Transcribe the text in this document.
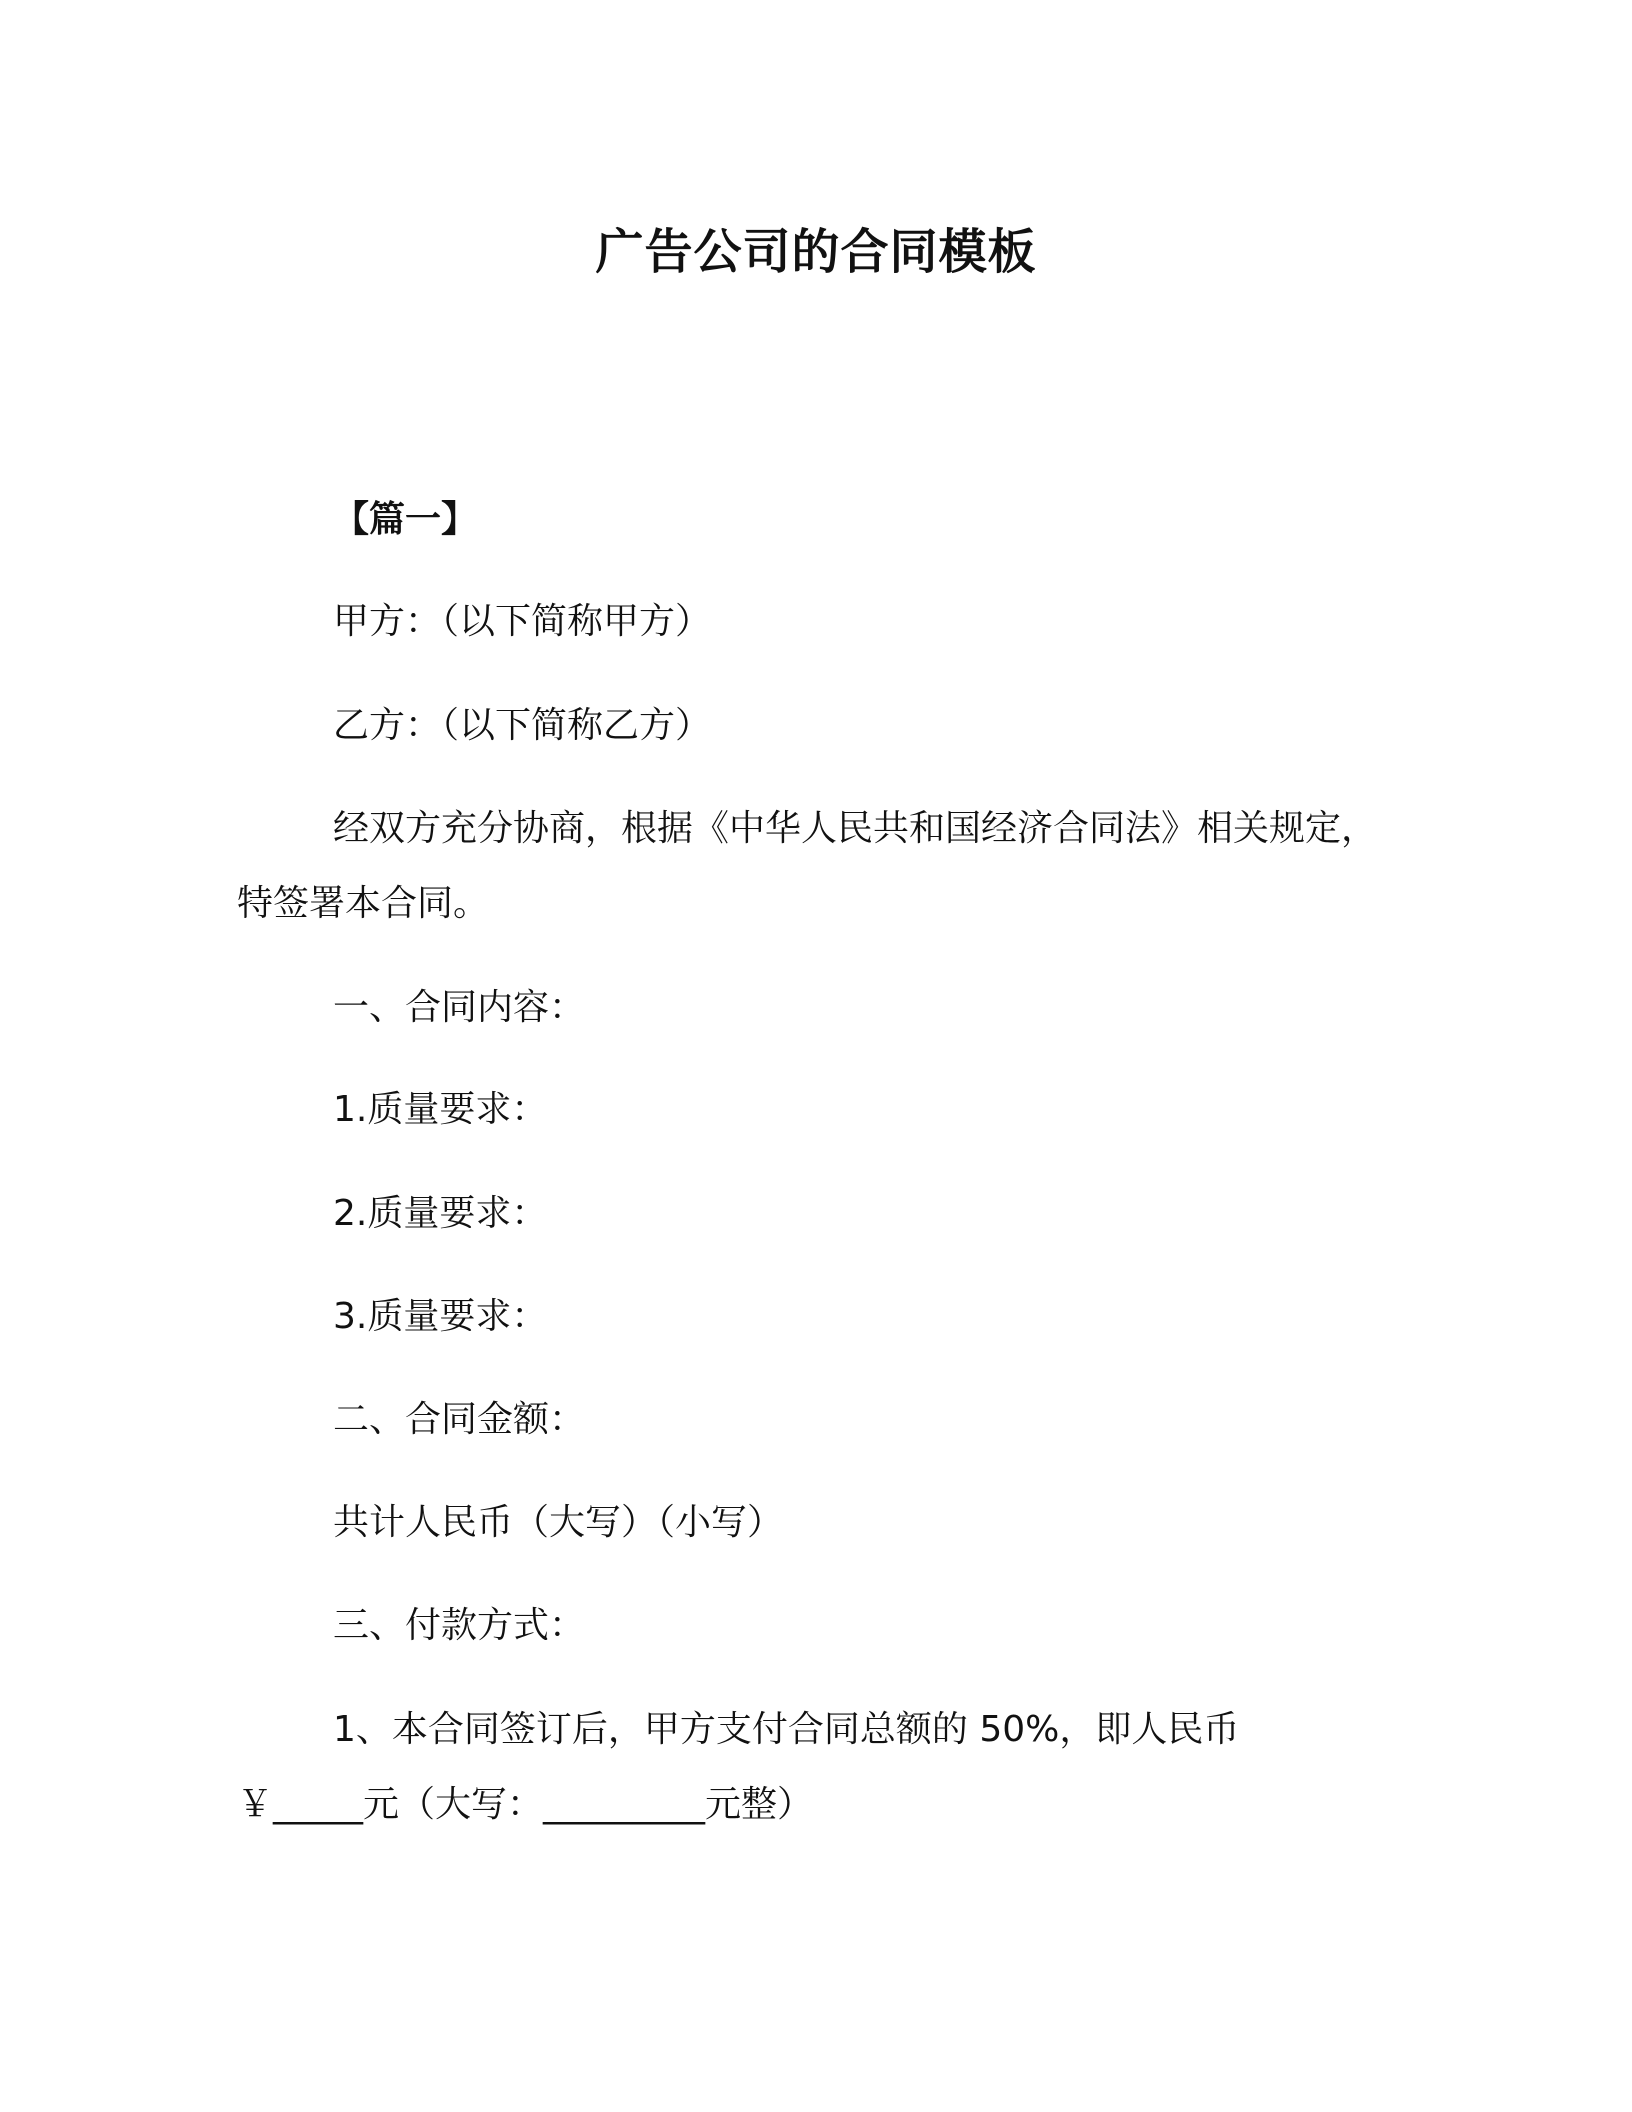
广告公司的合同模板
【篇一】
甲方：（以下简称甲方）
乙方：（以下简称乙方）
经双方充分协商，根据《中华人民共和国经济合同法》相关规定，
特签署本合同。
一、合同内容：
1.质量要求：
2.质量要求：
3.质量要求：
二、合同金额：
共计人民币（大写）（小写）
三、付款方式：
1、本合同签订后，甲方支付合同总额的 50%，即人民币
￥_____元（大写：_________元整）
